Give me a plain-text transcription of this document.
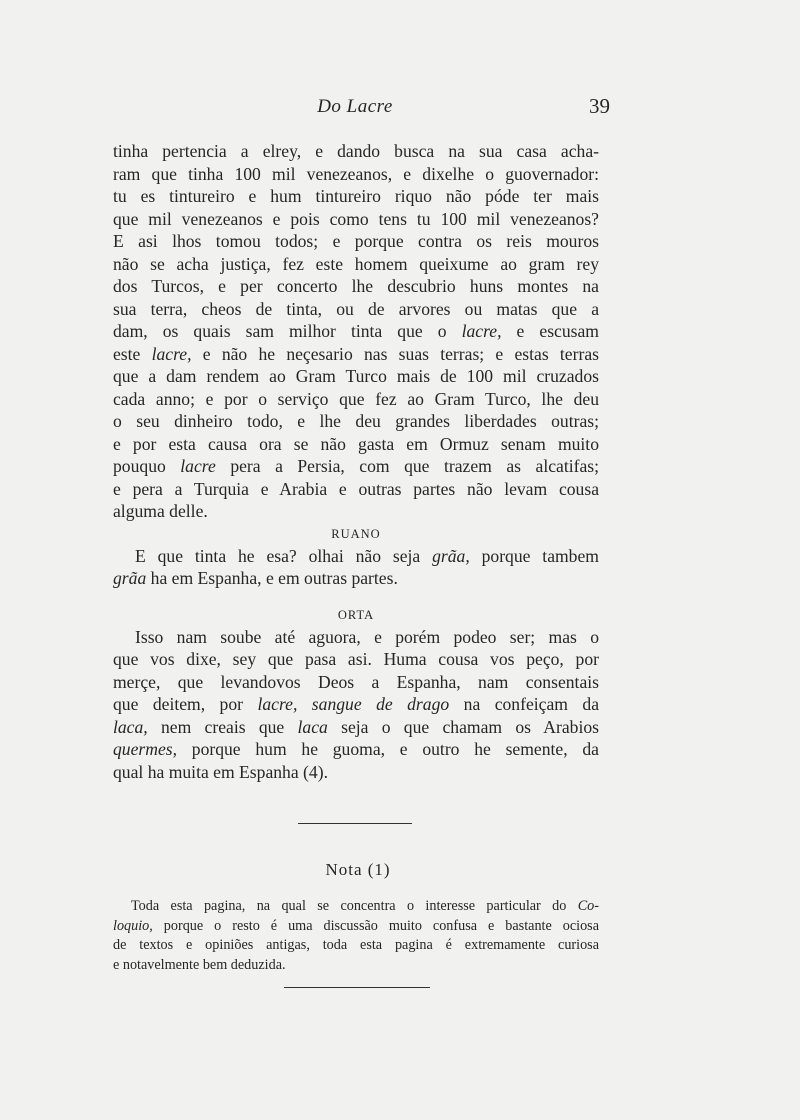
Do Lacre	39
tinha pertencia a elrey, e dando busca na sua casa acha-
ram que tinha 100 mil venezeanos, e dixelhe o guovernador:
tu es tintureiro e hum tintureiro riquo não póde ter mais
que mil venezeanos e pois como tens tu 100 mil venezeanos?
E asi lhos tomou todos; e porque contra os reis mouros
não se acha justiça, fez este homem queixume ao gram rey
dos Turcos, e per concerto lhe descubrio huns montes na
sua terra, cheos de tinta, ou de arvores ou matas que a
dam, os quais sam milhor tinta que o lacre, e escusam
este lacre, e não he neçesario nas suas terras; e estas terras
que a dam rendem ao Gram Turco mais de 100 mil cruzados
cada anno; e por o serviço que fez ao Gram Turco, lhe deu
o seu dinheiro todo, e lhe deu grandes liberdades outras;
e por esta causa ora se não gasta em Ormuz senam muito
pouquo lacre pera a Persia, com que trazem as alcatifas;
e pera a Turquia e Arabia e outras partes não levam cousa
alguma delle.
RUANO
E que tinta he esa? olhai não seja grãa, porque tambem
grãa ha em Espanha, e em outras partes.
ORTA
Isso nam soube até aguora, e porém podeo ser; mas o
que vos dixe, sey que pasa asi. Huma cousa vos peço, por
merçe, que levandovos Deos a Espanha, nam consentais
que deitem, por lacre, sangue de drago na confeiçam da
laca, nem creais que laca seja o que chamam os Arabios
quermes, porque hum he guoma, e outro he semente, da
qual ha muita em Espanha (4).
Nota (1)
Toda esta pagina, na qual se concentra o interesse particular do Co-
loquio, porque o resto é uma discussão muito confusa e bastante ociosa
de textos e opiniões antigas, toda esta pagina é extremamente curiosa
e notavelmente bem deduzida.
